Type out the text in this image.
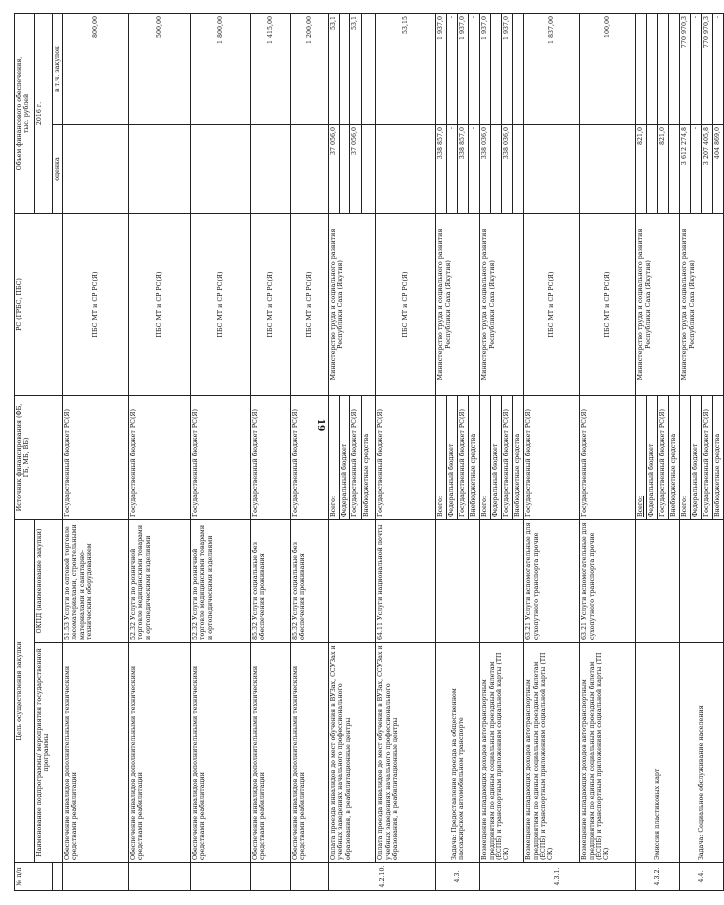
19
№ п/п	Цель осуществления закупки		Источник финансирования (ФБ, ГБ, МБ, ВБ)	РС (ГРБС, ПБС)	Объем финансового обеспечения, тыс. рублей	

	Наименование подпрограммы/ мероприятия государственной программы	ОКПД (наименование закупки)			2016 г.	
					оценка	в т.ч. закупок
	Обеспечение инвалидов дополнительными техническими средствами реабилитации	51.53 Услуги по оптовой торговле лесоматериалами, строительными материалами и санитарно-техническим оборудованием	Государственный бюджет РС(Я)	ПБС МТ и СР РС(Я)		800,00
	Обеспечение инвалидов дополнительными техническими средствами реабилитации	52.32 Услуги по розничной торговле медицинскими товарами и ортопедическими изделиями	Государственный бюджет РС(Я)	ПБС МТ и СР РС(Я)		500,00
	Обеспечение инвалидов дополнительными техническими средствами реабилитации	52.32 Услуги по розничной торговле медицинскими товарами и ортопедическими изделиями	Государственный бюджет РС(Я)	ПБС МТ и СР РС(Я)		1 800,00
	Обеспечение инвалидов дополнительными техническими средствами реабилитации	85.32 Услуги социальные без обеспечения проживания	Государственный бюджет РС(Я)	ПБС МТ и СР РС(Я)		1 415,00
	Обеспечение инвалидов дополнительными техническими средствами реабилитации	85.32 Услуги социальные без обеспечения проживания	Государственный бюджет РС(Я)	ПБС МТ и СР РС(Я)		1 200,00
4.2.10.	Оплата проезда инвалидов до мест обучения в ВУЗах, ССУЗах и учебных заведениях начального профессионального образования, в реабилитационные центры		Всего:	Министерство труда и социального развития Республики Саха (Якутия)	37 056,0	53,1
			Федеральный бюджет			
			Государственный бюджет РС(Я)		37 056,0	53,1
			Внебюджетные средства			
	Оплата проезда инвалидов до мест обучения в ВУЗах, ССУЗах и учебных заведениях начального профессионального образования, в реабилитационные центры	64.11 Услуги национальной почты	Государственный бюджет РС(Я)	ПБС МТ и СР РС(Я)		53,15
4.3.	Задача: Предоставление проезда на общественном пассажирском автомобильном транспорте		Всего:	Министерство труда и социального развития Республики Саха (Якутия)	338 857,0	1 937,0
			Федеральный бюджет		-	-
			Государственный бюджет РС(Я)		338 857,0	1 937,0
			Внебюджетные средства		-	-
4.3.1.	Возмещение выпадающих доходов автотранспортным предприятиям по единым социальным проездным билетам (ЕСПБ) и транспортным приложениям социальной карты (ТП СК)		Всего:	Министерство труда и социального развития Республики Саха (Якутия)	338 036,0	1 937,0
			Федеральный бюджет			
			Государственный бюджет РС(Я)		338 036,0	1 937,0
			Внебюджетные средства			
	Возмещение выпадающих доходов автотранспортным предприятиям по единым социальным проездным билетам (ЕСПБ) и транспортным приложениям социальной карты (ТП СК)	63.21 Услуги вспомогательные для сухопутного транспорта прочие	Государственный бюджет РС(Я)	ПБС МТ и СР РС(Я)		1 837,00
	Возмещение выпадающих доходов автотранспортным предприятиям по единым социальным проездным билетам (ЕСПБ) и транспортным приложениям социальной карты (ТП СК)	63.21 Услуги вспомогательные для сухопутного транспорта прочие	Государственный бюджет РС(Я)	ПБС МТ и СР РС(Я)		100,00
4.3.2.	Эмиссия пластиковых карт		Всего:	Министерство труда и социального развития Республики Саха (Якутия)	821,0	
			Федеральный бюджет			
			Государственный бюджет РС(Я)		821,0	
			Внебюджетные средства			
4.4.	Задача: Социальное обслуживание населения		Всего:	Министерство труда и социального развития Республики Саха (Якутия)	3 612 274,8	770 970,3
			Федеральный бюджет		-	-
			Государственный бюджет РС(Я)		3 207 405,8	770 970,3
			Внебюджетные средства		404 869,0	-
